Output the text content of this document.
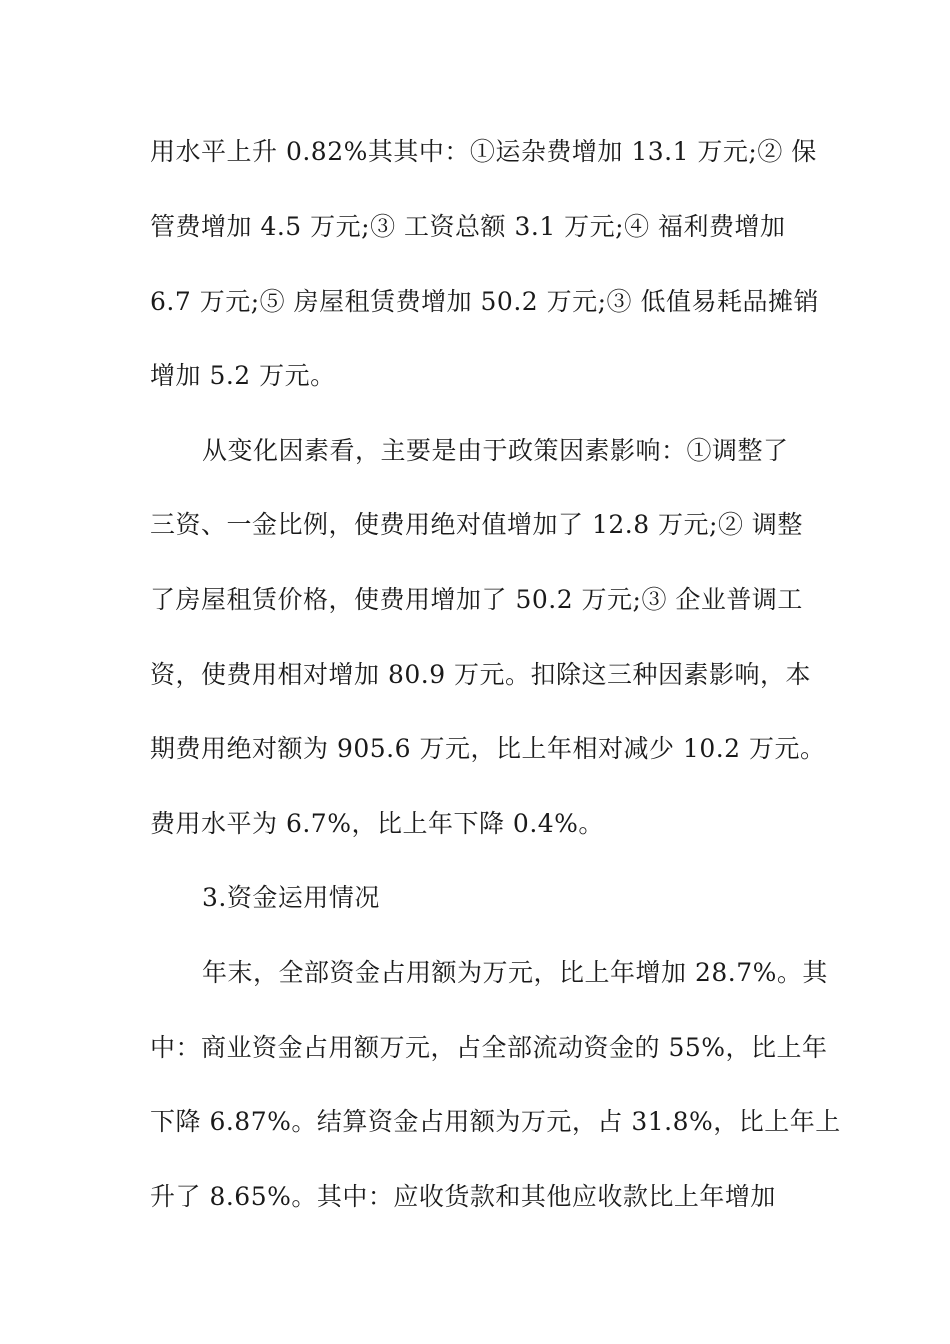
用水平上升 0.82%其其中：①运杂费增加 13.1 万元;② 保

管费增加 4.5 万元;③ 工资总额 3.1 万元;④ 福利费增加

6.7 万元;⑤ 房屋租赁费增加 50.2 万元;③ 低值易耗品摊销

增加 5.2 万元。

从变化因素看，主要是由于政策因素影响：①调整了

三资、一金比例，使费用绝对值增加了 12.8 万元;② 调整

了房屋租赁价格，使费用增加了 50.2 万元;③ 企业普调工

资，使费用相对增加 80.9 万元。扣除这三种因素影响，本

期费用绝对额为 905.6 万元，比上年相对减少 10.2 万元。

费用水平为 6.7%，比上年下降 0.4%。

3.资金运用情况

年末，全部资金占用额为万元，比上年增加 28.7%。其

中：商业资金占用额万元，占全部流动资金的 55%，比上年

下降 6.87%。结算资金占用额为万元，占 31.8%，比上年上

升了 8.65%。其中：应收货款和其他应收款比上年增加
